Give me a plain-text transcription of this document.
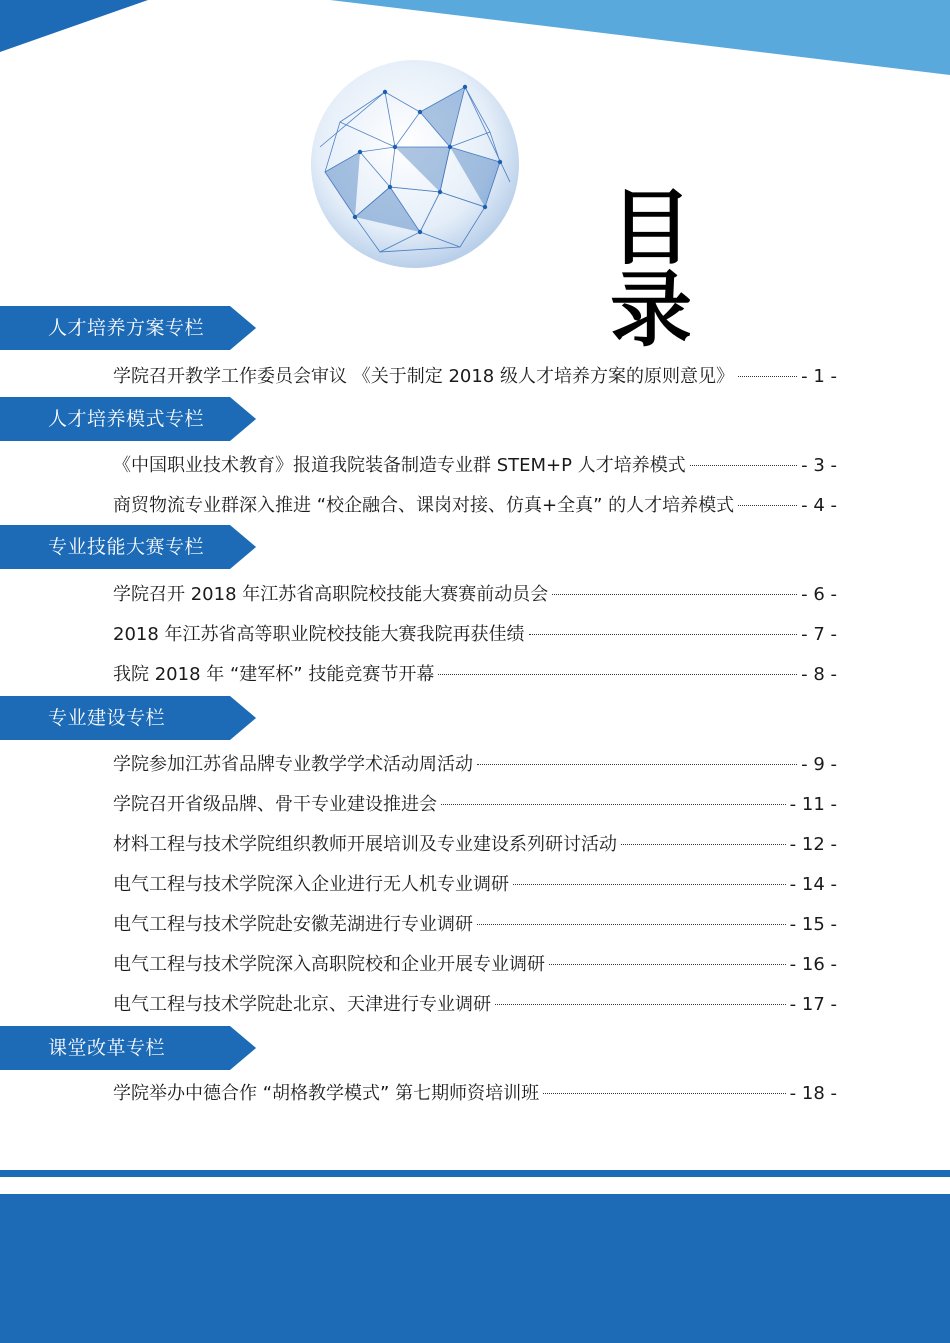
目　录
人才培养方案专栏
学院召开教学工作委员会审议 《关于制定 2018 级人才培养方案的原则意见》	- 1 -
人才培养模式专栏
《中国职业技术教育》报道我院装备制造专业群 STEM+P 人才培养模式	- 3 -
商贸物流专业群深入推进 “校企融合、课岗对接、仿真+全真” 的人才培养模式	- 4 -
专业技能大赛专栏
学院召开 2018 年江苏省高职院校技能大赛赛前动员会	- 6 -
2018 年江苏省高等职业院校技能大赛我院再获佳绩	- 7 -
我院 2018 年 “建军杯” 技能竞赛节开幕	- 8 -
专业建设专栏
学院参加江苏省品牌专业教学学术活动周活动	- 9 -
学院召开省级品牌、骨干专业建设推进会	- 11 -
材料工程与技术学院组织教师开展培训及专业建设系列研讨活动	- 12 -
电气工程与技术学院深入企业进行无人机专业调研	- 14 -
电气工程与技术学院赴安徽芜湖进行专业调研	- 15 -
电气工程与技术学院深入高职院校和企业开展专业调研	- 16 -
电气工程与技术学院赴北京、天津进行专业调研	- 17 -
课堂改革专栏
学院举办中德合作 “胡格教学模式” 第七期师资培训班	- 18 -
